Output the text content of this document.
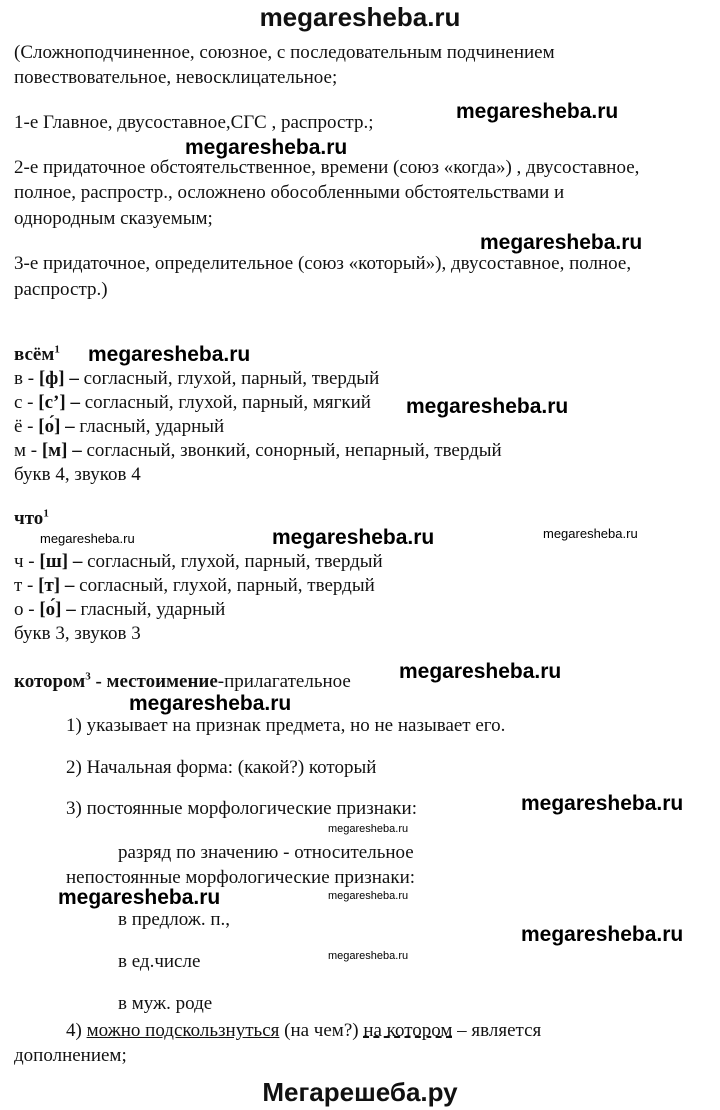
megaresheba.ru
(Сложноподчиненное, союзное, с последовательным подчинением
повествовательное, невосклицательное;
1-е Главное, двусоставное,СГС , распростр.;
2-е придаточное обстоятельственное, времени (союз «когда») , двусоставное,
полное, распростр., осложнено обособленными обстоятельствами и
однородным сказуемым;
3-е придаточное, определительное (союз «который»), двусоставное, полное,
распростр.)
всём$^1$
в - [ф] – согласный, глухой, парный, твердый
с - [с’] – согласный, глухой, парный, мягкий
ё - [о́] – гласный, ударный
м - [м] – согласный, звонкий, сонорный, непарный, твердый
букв 4, звуков 4
что$^1$
ч - [ш] – согласный, глухой, парный, твердый
т - [т] – согласный, глухой, парный, твердый
о - [о́] – гласный, ударный
букв 3, звуков 3
котором$^3$ - местоимение-прилагательное
1) указывает на признак предмета, но не называет его.
2) Начальная форма: (какой?) который
3) постоянные морфологические признаки:
разряд по значению - относительное
непостоянные морфологические признаки:
в предлож. п.,
в ед.числе
в муж. роде
4) можно подскользнуться (на чем?) на котором – является
дополнением;
megaresheba.ru
megaresheba.ru
megaresheba.ru
megaresheba.ru
megaresheba.ru
megaresheba.ru	megaresheba.ru	megaresheba.ru
megaresheba.ru
megaresheba.ru
megaresheba.ru
megaresheba.ru
megaresheba.ru	megaresheba.ru
megaresheba.ru
megaresheba.ru
Мегарешеба.ру
